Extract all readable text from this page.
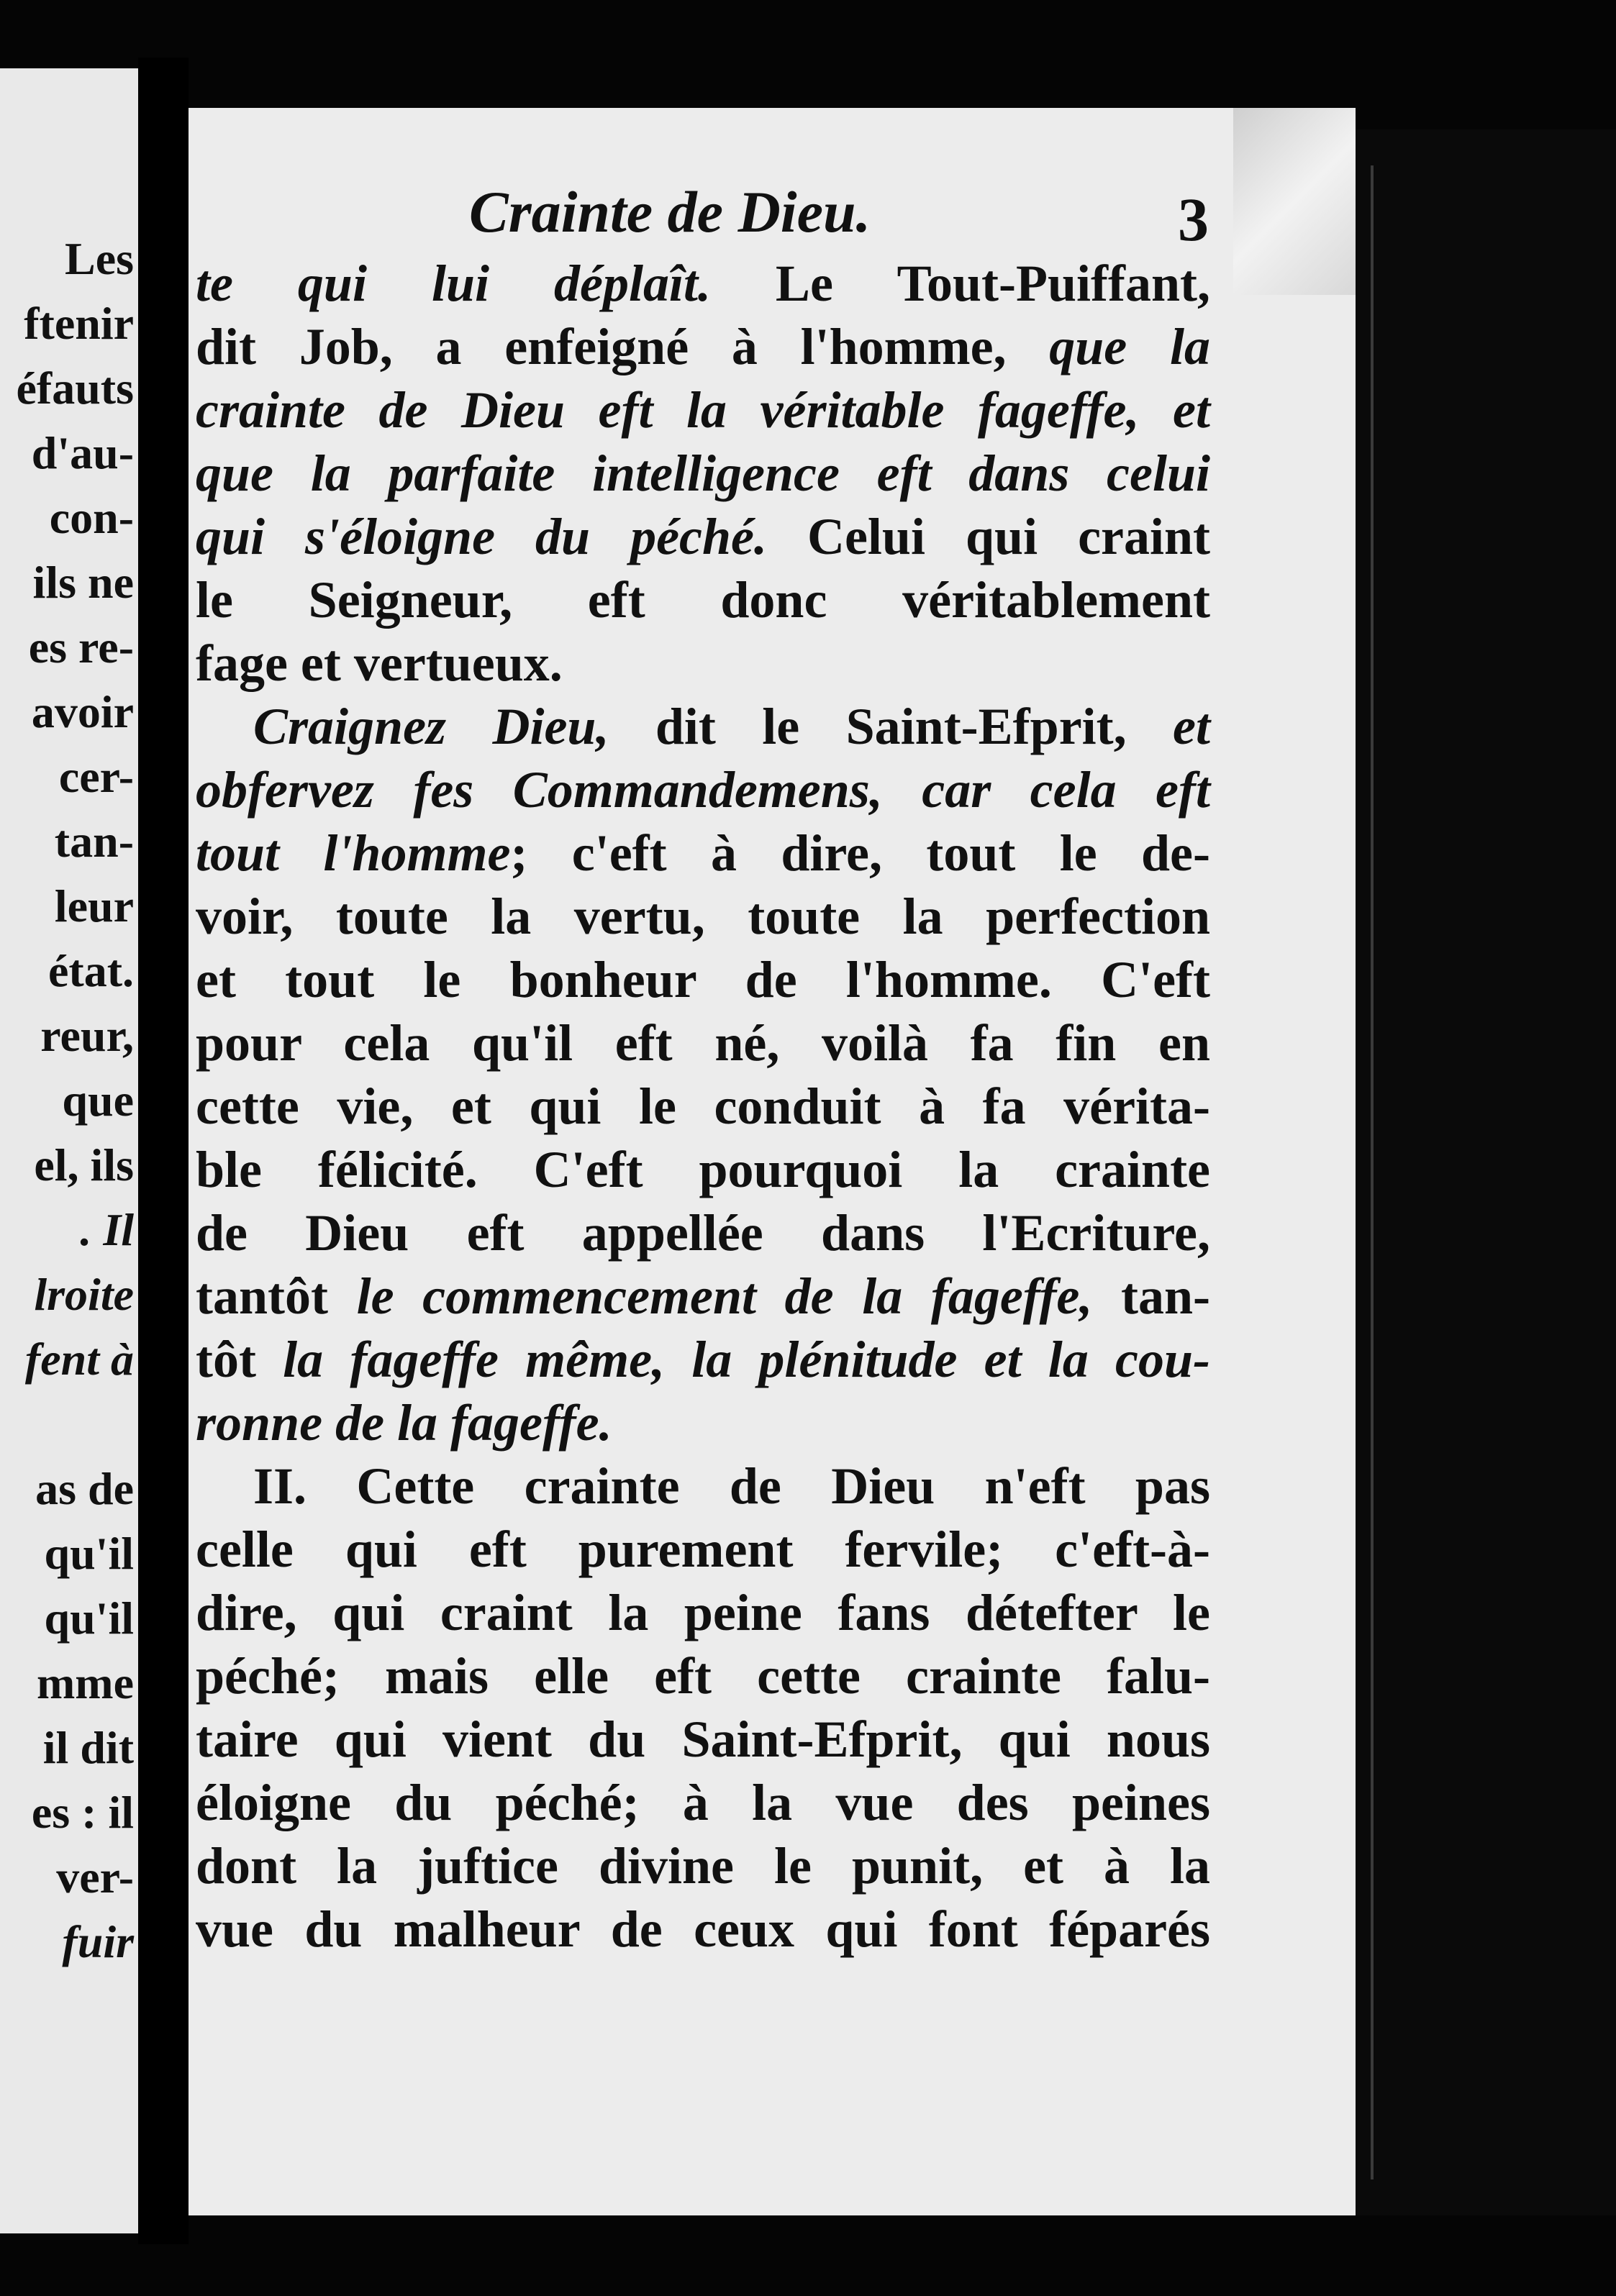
Les
ftenir
éfauts
d'au-
con-
ils ne
es re-
avoir
cer-
tan-
leur
état.
reur,
que
el, ils
. Il
lroite
fent à

as de
qu'il
qu'il
mme
il dit
es : il
ver-
fuir
Crainte de Dieu.	3
te qui lui déplaît. Le Tout-Puiffant,
dit Job, a enfeigné à l'homme, que la
crainte de Dieu eft la véritable fageffe, et
que la parfaite intelligence eft dans celui
qui s'éloigne du péché. Celui qui craint
le Seigneur, eft donc véritablement
fage et vertueux.
Craignez Dieu, dit le Saint-Efprit, et
obfervez fes Commandemens, car cela eft
tout l'homme; c'eft à dire, tout le de-
voir, toute la vertu, toute la perfection
et tout le bonheur de l'homme. C'eft
pour cela qu'il eft né, voilà fa fin en
cette vie, et qui le conduit à fa vérita-
ble félicité. C'eft pourquoi la crainte
de Dieu eft appellée dans l'Ecriture,
tantôt le commencement de la fageffe, tan-
tôt la fageffe même, la plénitude et la cou-
ronne de la fageffe.
II. Cette crainte de Dieu n'eft pas
celle qui eft purement fervile; c'eft-à-
dire, qui craint la peine fans détefter le
péché; mais elle eft cette crainte falu-
taire qui vient du Saint-Efprit, qui nous
éloigne du péché; à la vue des peines
dont la juftice divine le punit, et à la
vue du malheur de ceux qui font féparés
